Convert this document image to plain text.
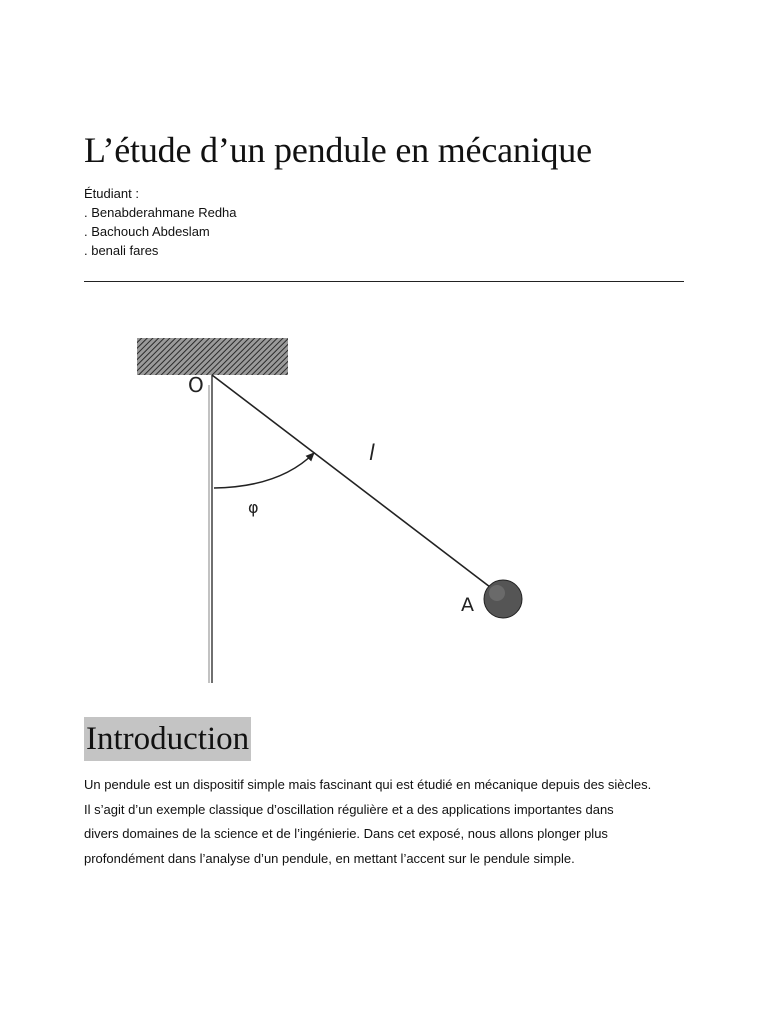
L’étude d’un pendule en mécanique
Étudiant :
. Benabderahmane Redha
. Bachouch Abdeslam
. benali fares
O
l
φ
A
Introduction

Un pendule est un dispositif simple mais fascinant qui est étudié en mécanique depuis des siècles.
Il s’agit d’un exemple classique d’oscillation régulière et a des applications importantes dans
divers domaines de la science et de l’ingénierie. Dans cet exposé, nous allons plonger plus
profondément dans l’analyse d’un pendule, en mettant l’accent sur le pendule simple.
